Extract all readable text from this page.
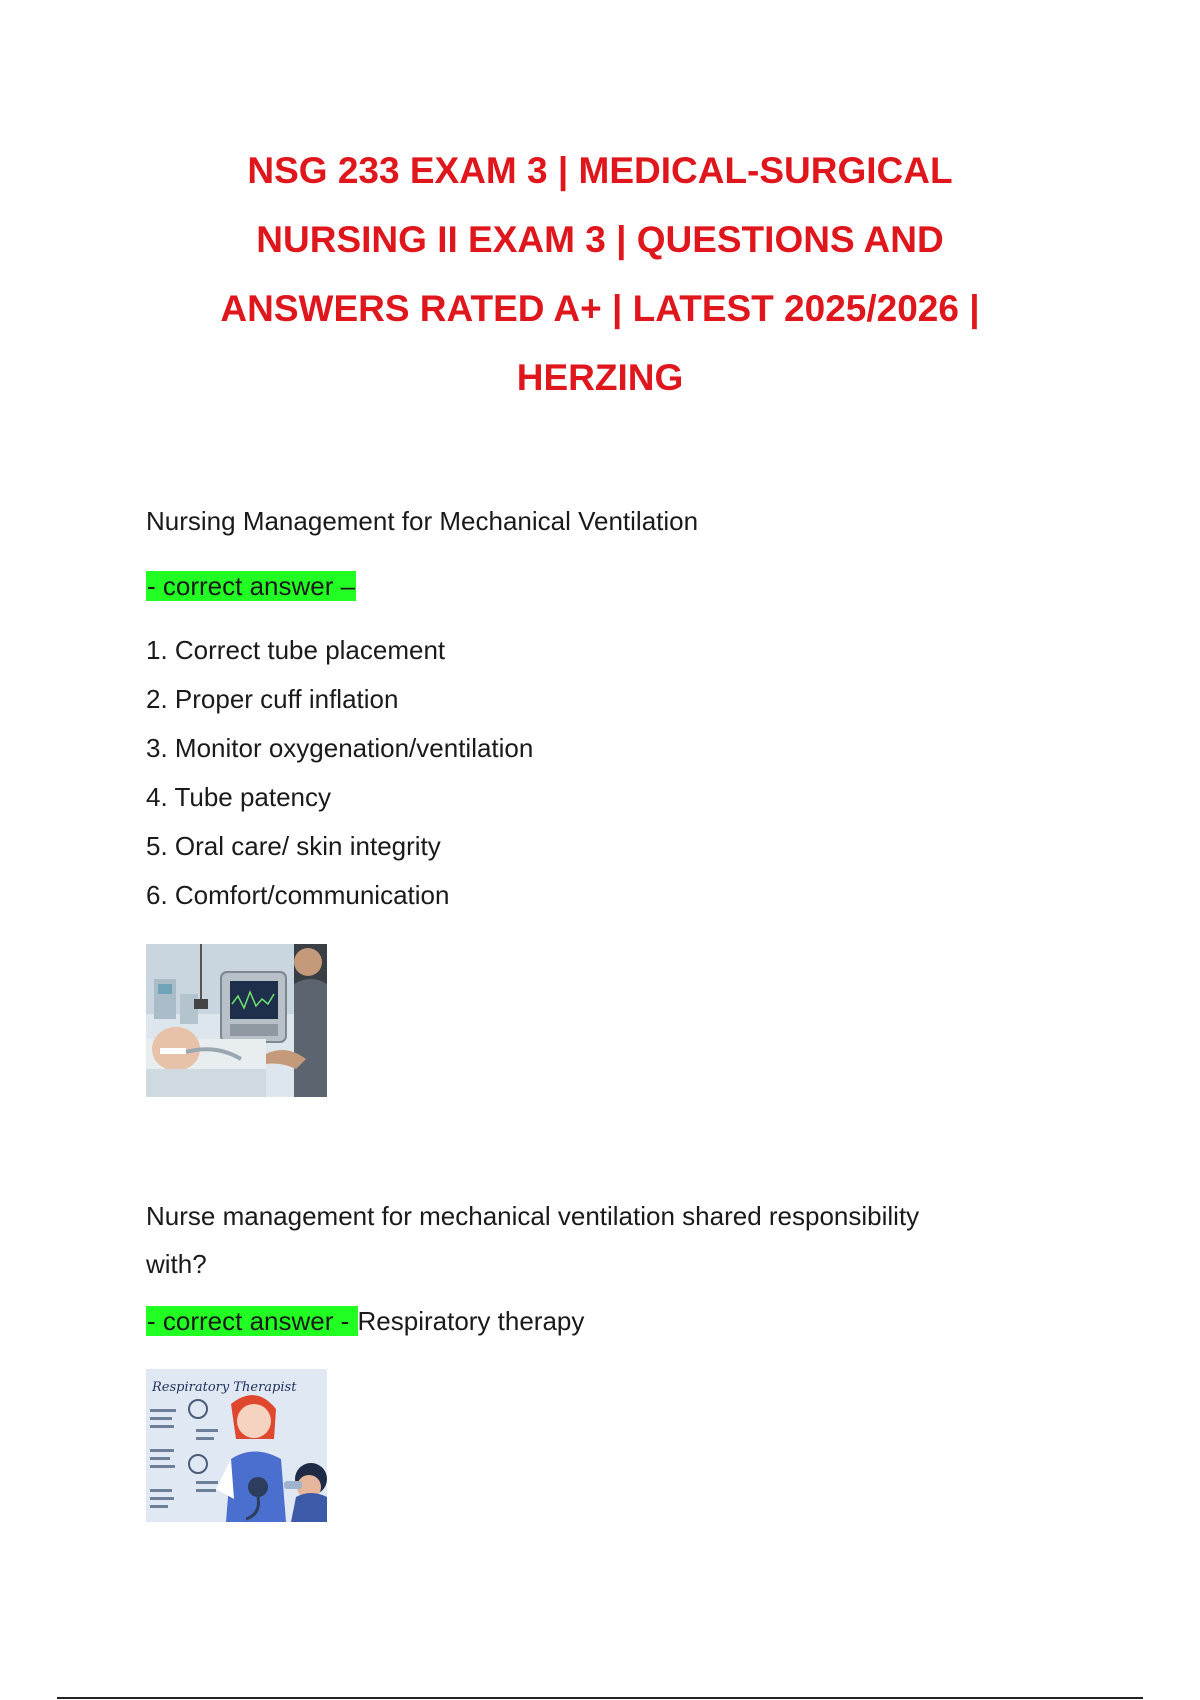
NSG 233 EXAM 3 | MEDICAL-SURGICAL
NURSING II EXAM 3 | QUESTIONS AND
ANSWERS RATED A+ | LATEST 2025/2026 |
HERZING

Nursing Management for Mechanical Ventilation

- correct answer –
1. Correct tube placement
2. Proper cuff inflation
3. Monitor oxygenation/ventilation
4. Tube patency
5. Oral care/ skin integrity
6. Comfort/communication

Nurse management for mechanical ventilation shared responsibility
with?

- correct answer - Respiratory therapy
Respiratory Therapist
